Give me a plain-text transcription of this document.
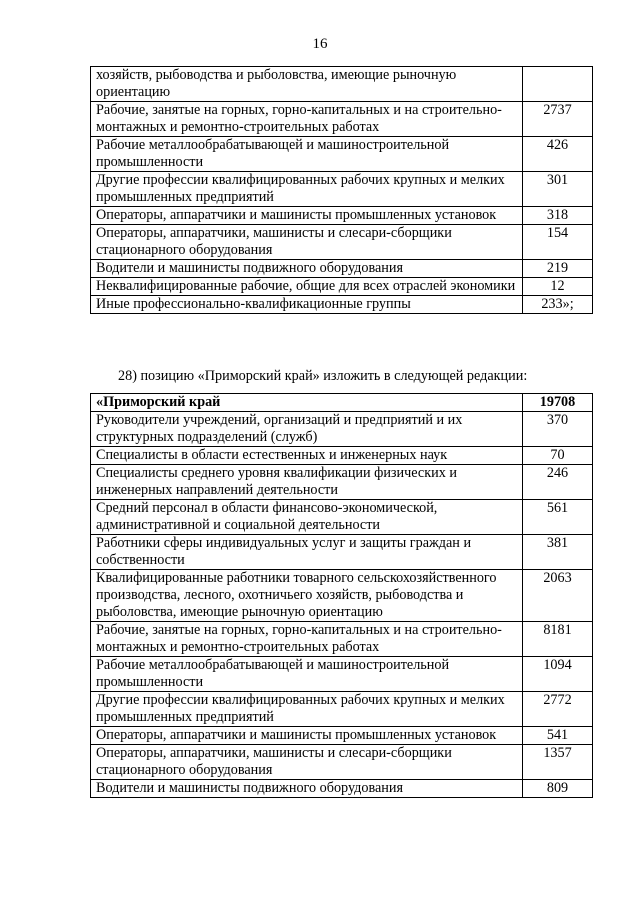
16
хозяйств, рыбоводства и рыболовства, имеющие рыночную ориентацию	
Рабочие, занятые на горных, горно-капитальных и на строительно-монтажных и ремонтно-строительных работах	2737
Рабочие металлообрабатывающей и машиностроительной промышленности	426
Другие профессии квалифицированных рабочих крупных и мелких промышленных предприятий	301
Операторы, аппаратчики и машинисты промышленных установок	318
Операторы, аппаратчики, машинисты и слесари-сборщики стационарного оборудования	154
Водители и машинисты подвижного оборудования	219
Неквалифицированные рабочие, общие для всех отраслей экономики	12
Иные профессионально-квалификационные группы	233»;
28) позицию «Приморский край» изложить в следующей редакции:
«Приморский край	19708
Руководители учреждений, организаций и предприятий и их структурных подразделений (служб)	370
Специалисты в области естественных и инженерных наук	70
Специалисты среднего уровня квалификации физических и инженерных направлений деятельности	246
Средний персонал в области финансово-экономической, административной и социальной деятельности	561
Работники сферы индивидуальных услуг и защиты граждан и собственности	381
Квалифицированные работники товарного сельскохозяйственного производства, лесного, охотничьего хозяйств, рыбоводства и рыболовства, имеющие рыночную ориентацию	2063
Рабочие, занятые на горных, горно-капитальных и на строительно-монтажных и ремонтно-строительных работах	8181
Рабочие металлообрабатывающей и машиностроительной промышленности	1094
Другие профессии квалифицированных рабочих крупных и мелких промышленных предприятий	2772
Операторы, аппаратчики и машинисты промышленных установок	541
Операторы, аппаратчики, машинисты и слесари-сборщики стационарного оборудования	1357
Водители и машинисты подвижного оборудования	809
